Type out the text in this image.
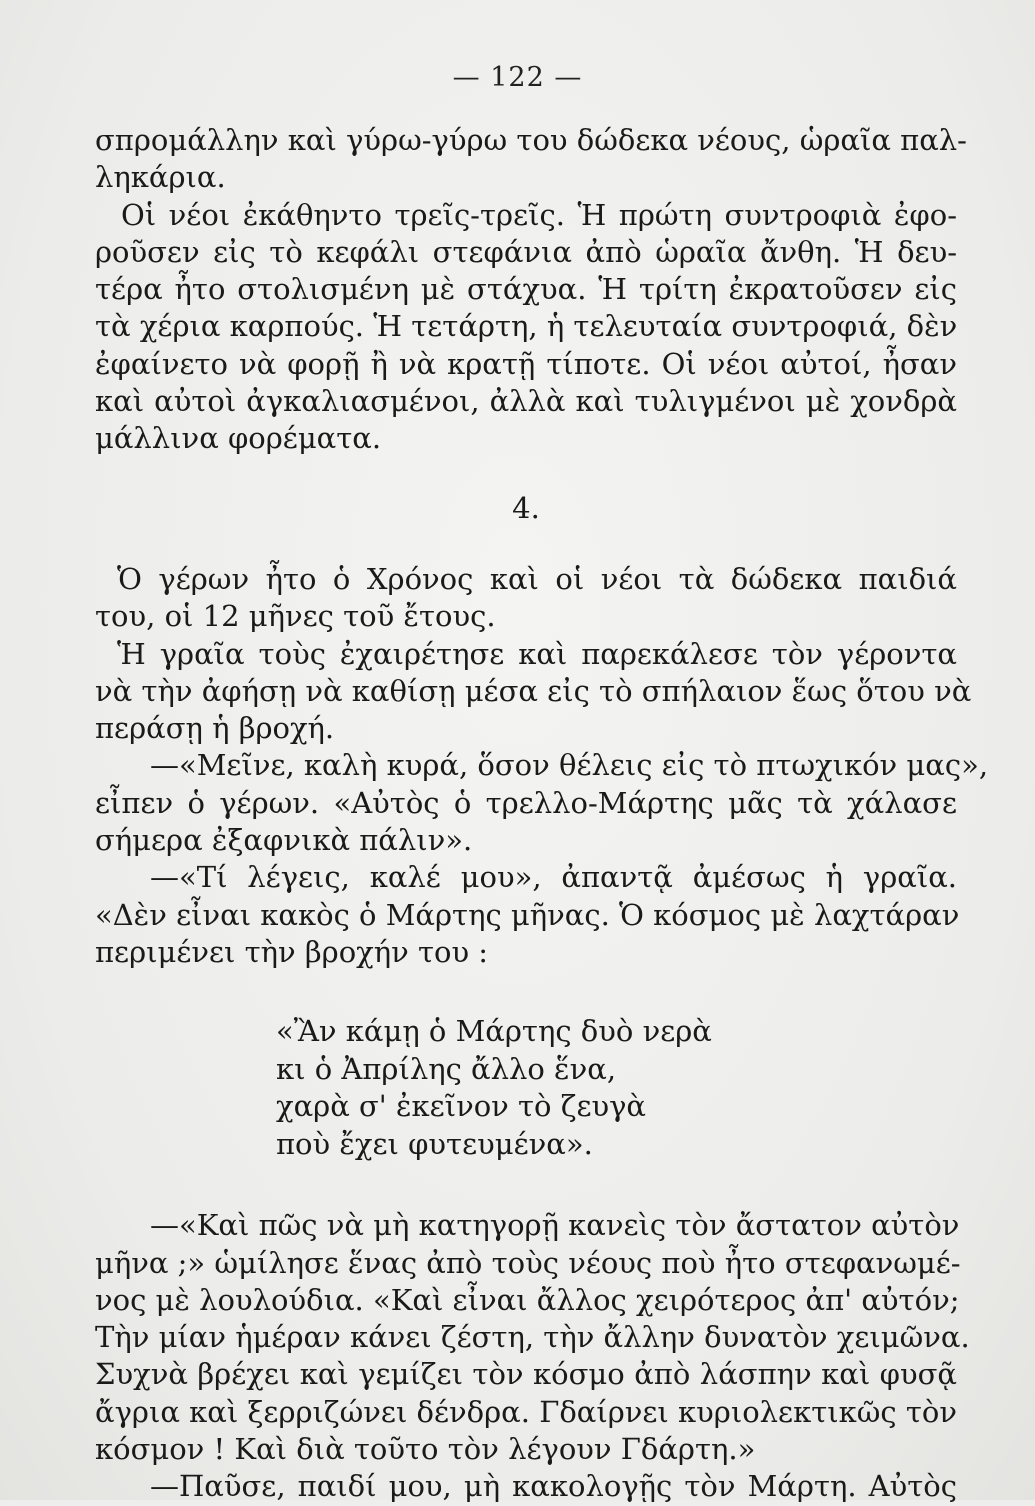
— 122 —
σπρομάλλην καὶ γύρω-γύρω του δώδεκα νέους, ὡραῖα παλ-
ληκάρια.
Οἱ νέοι ἐκάθηντο τρεῖς-τρεῖς. Ἡ πρώτη συντροφιὰ ἐφο-
ροῦσεν εἰς τὸ κεφάλι στεφάνια ἀπὸ ὡραῖα ἄνθη. Ἡ δευ-
τέρα ἦτο στολισμένη μὲ στάχυα. Ἡ τρίτη ἐκρατοῦσεν εἰς
τὰ χέρια καρπούς. Ἡ τετάρτη, ἡ τελευταία συντροφιά, δὲν
ἐφαίνετο νὰ φορῇ ἢ νὰ κρατῇ τίποτε. Οἱ νέοι αὐτοί, ἦσαν
καὶ αὐτοὶ ἀγκαλιασμένοι, ἀλλὰ καὶ τυλιγμένοι μὲ χονδρὰ
μάλλινα φορέματα.
4.
Ὁ γέρων ἦτο ὁ Χρόνος καὶ οἱ νέοι τὰ δώδεκα παιδιά
του, οἱ 12 μῆνες τοῦ ἔτους.
Ἡ γραῖα τοὺς ἐχαιρέτησε καὶ παρεκάλεσε τὸν γέροντα
νὰ τὴν ἀφήσῃ νὰ καθίσῃ μέσα εἰς τὸ σπήλαιον ἕως ὅτου νὰ
περάσῃ ἡ βροχή.
—«Μεῖνε, καλὴ κυρά, ὅσον θέλεις εἰς τὸ πτωχικόν μας»,
εἶπεν ὁ γέρων. «Αὐτὸς ὁ τρελλο-Μάρτης μᾶς τὰ χάλασε
σήμερα ἐξαφνικὰ πάλιν».
—«Τί λέγεις, καλέ μου», ἀπαντᾷ ἀμέσως ἡ γραῖα.
«Δὲν εἶναι κακὸς ὁ Μάρτης μῆνας. Ὁ κόσμος μὲ λαχτάραν
περιμένει τὴν βροχήν του :
«Ἂν κάμῃ ὁ Μάρτης δυὸ νερὰ
κι ὁ Ἀπρίλης ἄλλο ἕνα,
χαρὰ σ' ἐκεῖνον τὸ ζευγὰ
ποὺ ἔχει φυτευμένα».
—«Καὶ πῶς νὰ μὴ κατηγορῇ κανεὶς τὸν ἄστατον αὐτὸν
μῆνα ;» ὡμίλησε ἕνας ἀπὸ τοὺς νέους ποὺ ἦτο στεφανωμέ-
νος μὲ λουλούδια. «Καὶ εἶναι ἄλλος χειρότερος ἀπ' αὐτόν;
Τὴν μίαν ἡμέραν κάνει ζέστη, τὴν ἄλλην δυνατὸν χειμῶνα.
Συχνὰ βρέχει καὶ γεμίζει τὸν κόσμο ἀπὸ λάσπην καὶ φυσᾷ
ἄγρια καὶ ξερριζώνει δένδρα. Γδαίρνει κυριολεκτικῶς τὸν
κόσμον ! Καὶ διὰ τοῦτο τὸν λέγουν Γδάρτη.»
—Παῦσε, παιδί μου, μὴ κακολογῇς τὸν Μάρτη. Αὐτὸς
